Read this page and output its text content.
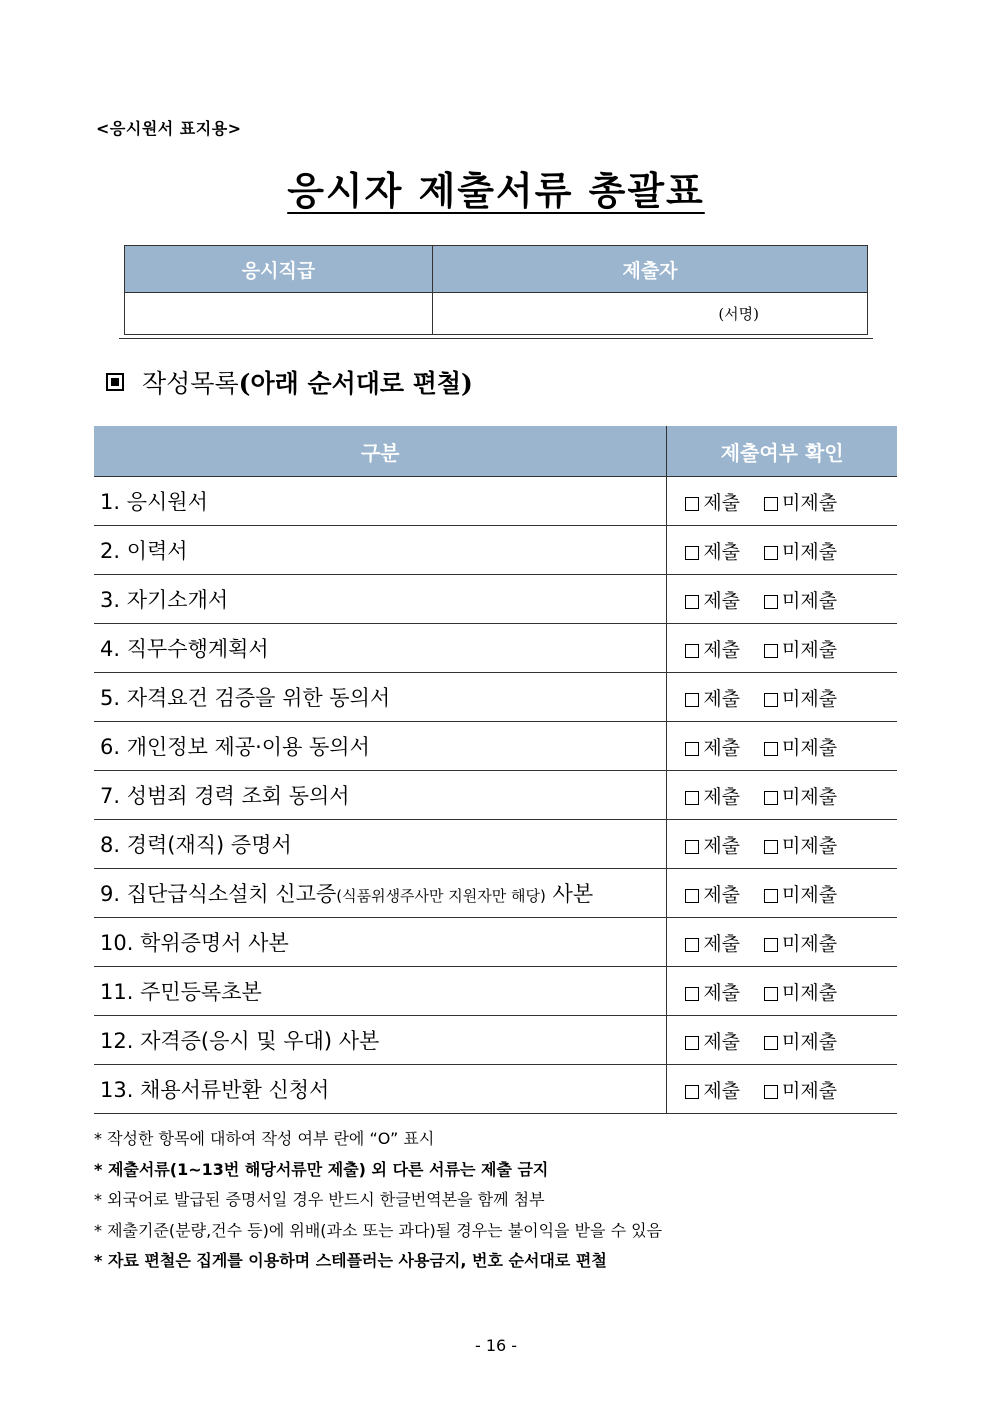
<응시원서 표지용>
응시자 제출서류 총괄표
응시직급	제출자
	(서명)
작성목록 (아래 순서대로 편철)
구분	제출여부 확인
1. 응시원서	제출 미제출
2. 이력서	제출 미제출
3. 자기소개서	제출 미제출
4. 직무수행계획서	제출 미제출
5. 자격요건 검증을 위한 동의서	제출 미제출
6. 개인정보 제공·이용 동의서	제출 미제출
7. 성범죄 경력 조회 동의서	제출 미제출
8. 경력(재직) 증명서	제출 미제출
9. 집단급식소설치 신고증(식품위생주사만 지원자만 해당) 사본	제출 미제출
10. 학위증명서 사본	제출 미제출
11. 주민등록초본	제출 미제출
12. 자격증(응시 및 우대) 사본	제출 미제출
13. 채용서류반환 신청서	제출 미제출
* 작성한 항목에 대하여 작성 여부 란에 “O” 표시
* 제출서류(1~13번 해당서류만 제출) 외 다른 서류는 제출 금지
* 외국어로 발급된 증명서일 경우 반드시 한글번역본을 함께 첨부
* 제출기준(분량,건수 등)에 위배(과소 또는 과다)될 경우는 불이익을 받을 수 있음
* 자료 편철은 집게를 이용하며 스테플러는 사용금지, 번호 순서대로 편철
- 16 -
